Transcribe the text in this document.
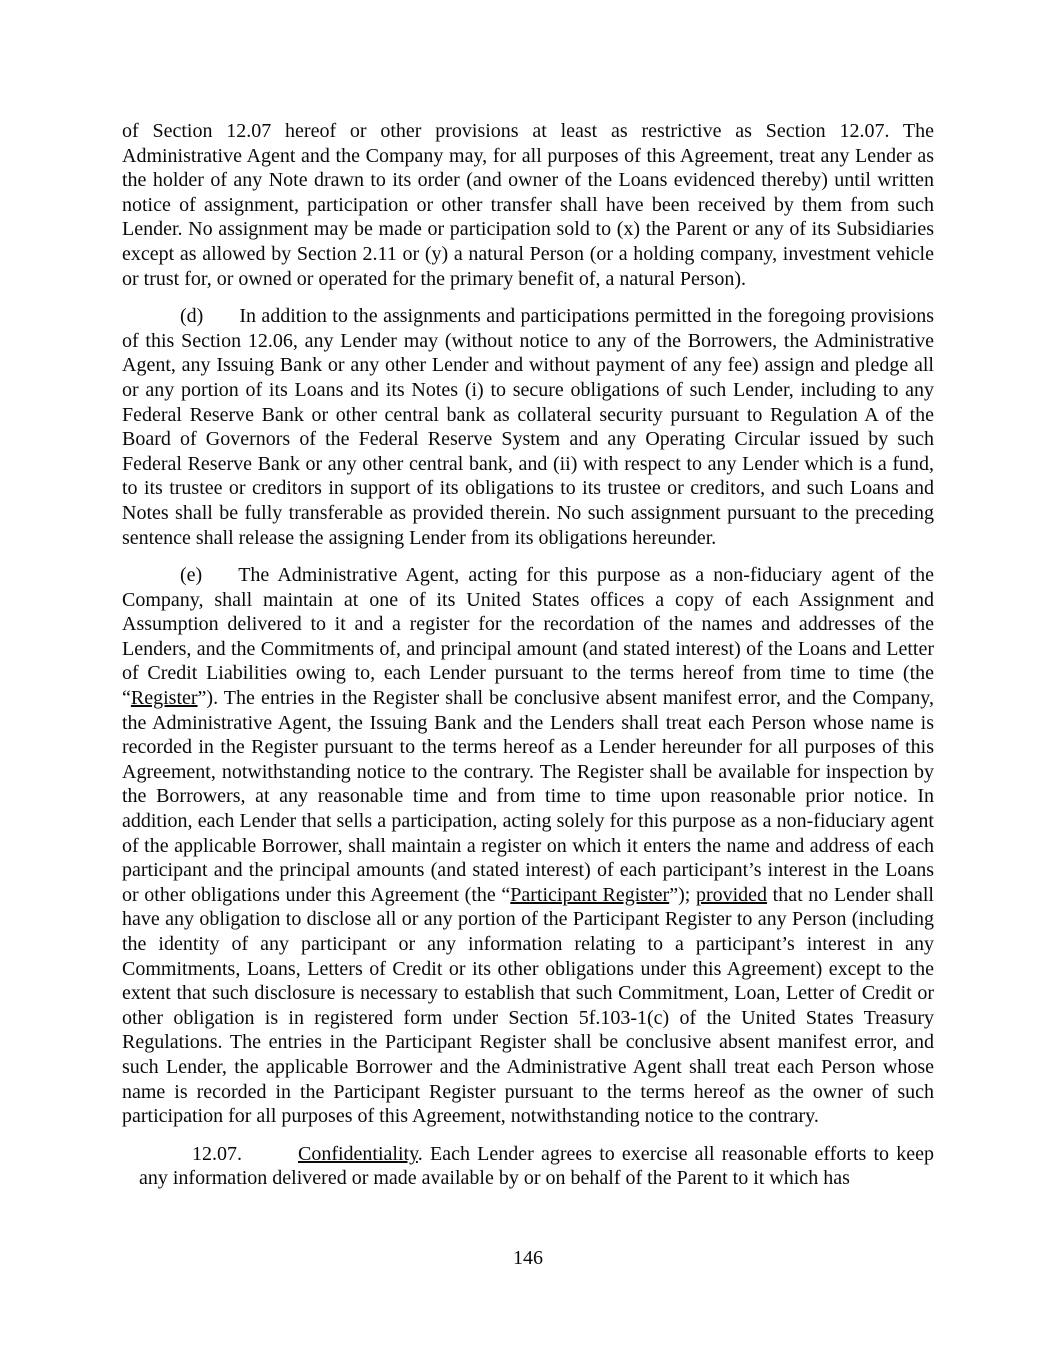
of Section 12.07 hereof or other provisions at least as restrictive as Section 12.07. The Administrative Agent and the Company may, for all purposes of this Agreement, treat any Lender as the holder of any Note drawn to its order (and owner of the Loans evidenced thereby) until written notice of assignment, participation or other transfer shall have been received by them from such Lender. No assignment may be made or participation sold to (x) the Parent or any of its Subsidiaries except as allowed by Section 2.11 or (y) a natural Person (or a holding company, investment vehicle or trust for, or owned or operated for the primary benefit of, a natural Person).

(d) In addition to the assignments and participations permitted in the foregoing provisions of this Section 12.06, any Lender may (without notice to any of the Borrowers, the Administrative Agent, any Issuing Bank or any other Lender and without payment of any fee) assign and pledge all or any portion of its Loans and its Notes (i) to secure obligations of such Lender, including to any Federal Reserve Bank or other central bank as collateral security pursuant to Regulation A of the Board of Governors of the Federal Reserve System and any Operating Circular issued by such Federal Reserve Bank or any other central bank, and (ii) with respect to any Lender which is a fund, to its trustee or creditors in support of its obligations to its trustee or creditors, and such Loans and Notes shall be fully transferable as provided therein. No such assignment pursuant to the preceding sentence shall release the assigning Lender from its obligations hereunder.

(e) The Administrative Agent, acting for this purpose as a non-fiduciary agent of the Company, shall maintain at one of its United States offices a copy of each Assignment and Assumption delivered to it and a register for the recordation of the names and addresses of the Lenders, and the Commitments of, and principal amount (and stated interest) of the Loans and Letter of Credit Liabilities owing to, each Lender pursuant to the terms hereof from time to time (the “Register”). The entries in the Register shall be conclusive absent manifest error, and the Company, the Administrative Agent, the Issuing Bank and the Lenders shall treat each Person whose name is recorded in the Register pursuant to the terms hereof as a Lender hereunder for all purposes of this Agreement, notwithstanding notice to the contrary. The Register shall be available for inspection by the Borrowers, at any reasonable time and from time to time upon reasonable prior notice. In addition, each Lender that sells a participation, acting solely for this purpose as a non-fiduciary agent of the applicable Borrower, shall maintain a register on which it enters the name and address of each participant and the principal amounts (and stated interest) of each participant’s interest in the Loans or other obligations under this Agreement (the “Participant Register”); provided that no Lender shall have any obligation to disclose all or any portion of the Participant Register to any Person (including the identity of any participant or any information relating to a participant’s interest in any Commitments, Loans, Letters of Credit or its other obligations under this Agreement) except to the extent that such disclosure is necessary to establish that such Commitment, Loan, Letter of Credit or other obligation is in registered form under Section 5f.103-1(c) of the United States Treasury Regulations. The entries in the Participant Register shall be conclusive absent manifest error, and such Lender, the applicable Borrower and the Administrative Agent shall treat each Person whose name is recorded in the Participant Register pursuant to the terms hereof as the owner of such participation for all purposes of this Agreement, notwithstanding notice to the contrary.

12.07.	Confidentiality. Each Lender agrees to exercise all reasonable efforts to keep any information delivered or made available by or on behalf of the Parent to it which has

146
